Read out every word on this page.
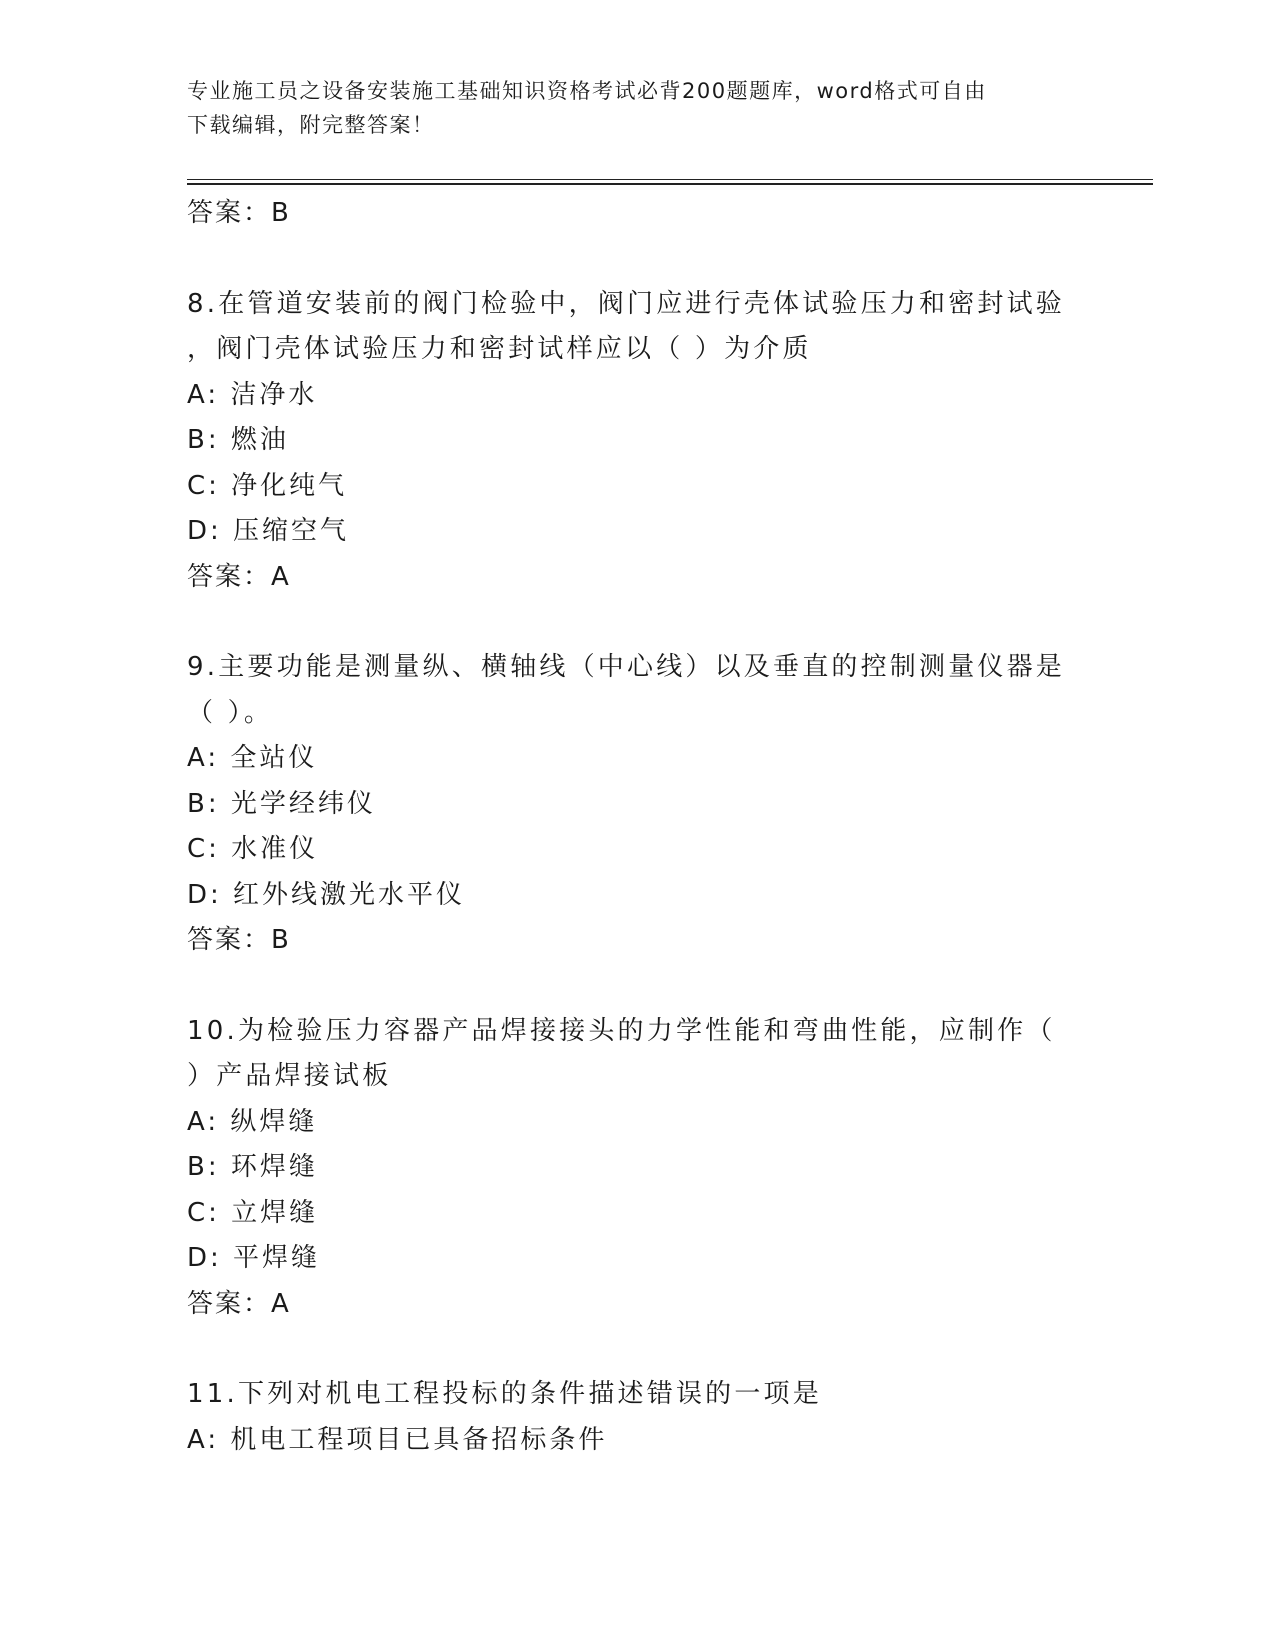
专业施工员之设备安装施工基础知识资格考试必背200题题库，word格式可自由
下载编辑，附完整答案！
答案：B
8.在管道安装前的阀门检验中，阀门应进行壳体试验压力和密封试验
，阀门壳体试验压力和密封试样应以（ ）为介质
A: 洁净水
B: 燃油
C: 净化纯气
D: 压缩空气
答案：A
9.主要功能是测量纵、横轴线（中心线）以及垂直的控制测量仪器是
（ ）。
A: 全站仪
B: 光学经纬仪
C: 水准仪
D: 红外线激光水平仪
答案：B
10.为检验压力容器产品焊接接头的力学性能和弯曲性能，应制作（
）产品焊接试板
A: 纵焊缝
B: 环焊缝
C: 立焊缝
D: 平焊缝
答案：A
11.下列对机电工程投标的条件描述错误的一项是
A: 机电工程项目已具备招标条件
